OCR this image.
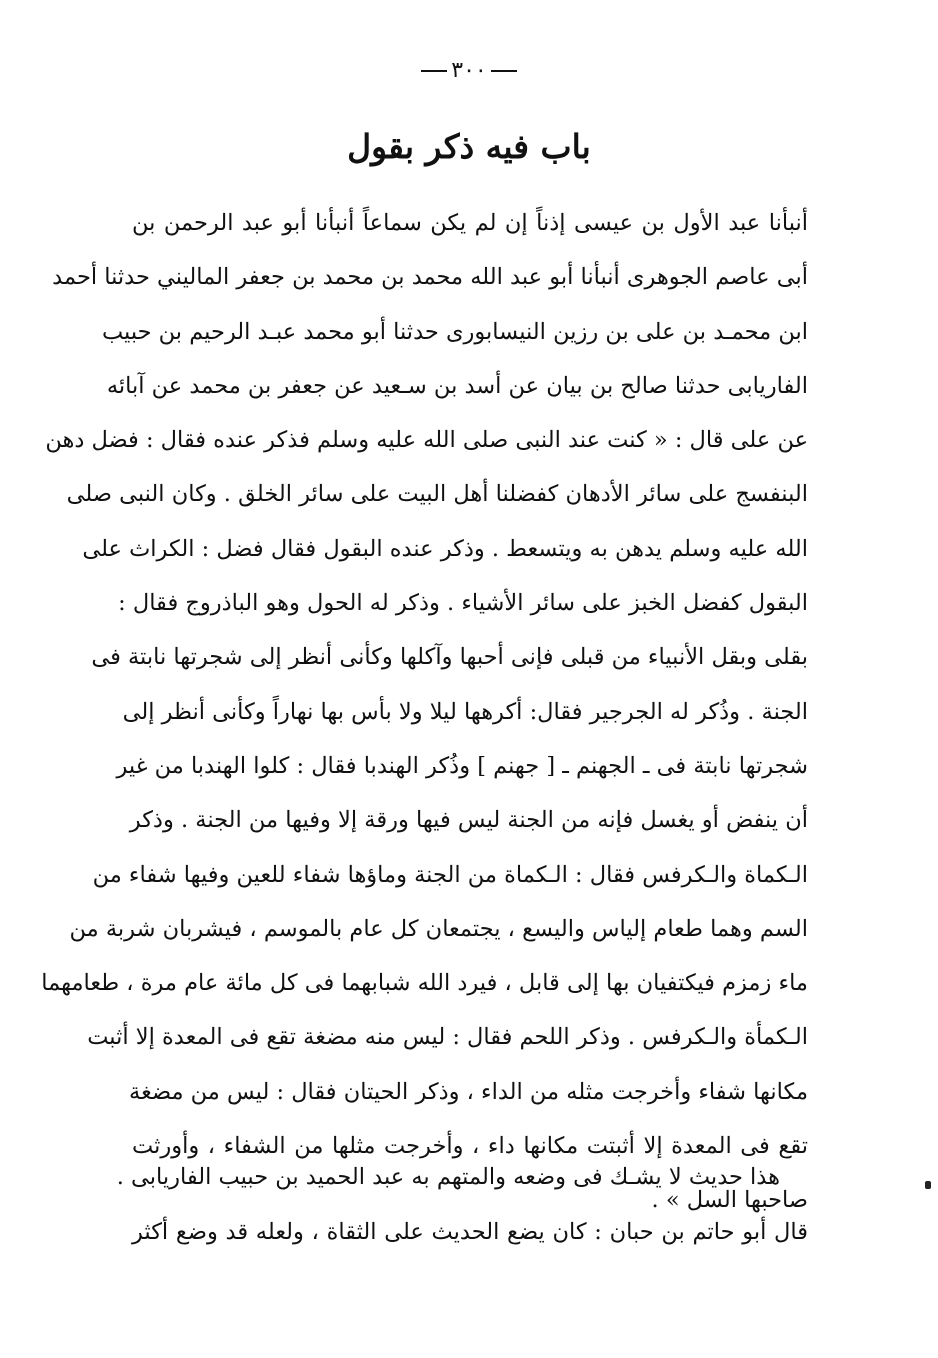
٣٠٠
باب فيه ذكر بقول
أنبأنا عبد الأول بن عيسى إذناً إن لم يكن سماعاً أنبأنا أبو عبد الرحمن بن
أبى عاصم الجوهرى أنبأنا أبو عبد الله محمد بن محمد بن جعفر الماليني حدثنا أحمد
ابن محمـد بن على بن رزين النيسابورى حدثنا أبو محمد عبـد الرحيم بن حبيب
الفاريابى حدثنا صالح بن بيان عن أسد بن سـعيد عن جعفر بن محمد عن آبائه
عن على قال : « كنت عند النبى صلى الله عليه وسلم فذكر عنده فقال : فضل دهن
البنفسج على سائر الأدهان كفضلنا أهل البيت على سائر الخلق . وكان النبى صلى
الله عليه وسلم يدهن به ويتسعط . وذكر عنده البقول فقال فضل : الكراث على
البقول كفضل الخبز على سائر الأشياء . وذكر له الحول وهو الباذروج فقال :
بقلى وبقل الأنبياء من قبلى فإنى أحبها وآكلها وكأنى أنظر إلى شجرتها نابتة فى
الجنة . وذُكر له الجرجير فقال: أكرهها ليلا ولا بأس بها نهاراً وكأنى أنظر إلى
شجرتها نابتة فى ـ الجهنم ـ [ جهنم ] وذُكر الهندبا فقال : كلوا الهندبا من غير
أن ينفض أو يغسل فإنه من الجنة ليس فيها ورقة إلا وفيها من الجنة . وذكر
الـكماة والـكرفس فقال : الـكماة من الجنة وماؤها شفاء للعين وفيها شفاء من
السم وهما طعام إلياس واليسع ، يجتمعان كل عام بالموسم ، فيشربان شربة من
ماء زمزم فيكتفيان بها إلى قابل ، فيرد الله شبابهما فى كل مائة عام مرة ، طعامهما
الـكمأة والـكرفس . وذكر اللحم فقال : ليس منه مضغة تقع فى المعدة إلا أثبت
مكانها شفاء وأخرجت مثله من الداء ، وذكر الحيتان فقال : ليس من مضغة
تقع فى المعدة إلا أثبتت مكانها داء ، وأخرجت مثلها من الشفاء ، وأورثت
صاحبها السل » .
هذا حديث لا يشـك فى وضعه والمتهم به عبد الحميد بن حبيب الفاريابى .
قال أبو حاتم بن حبان : كان يضع الحديث على الثقاة ، ولعله قد وضع أكثر
